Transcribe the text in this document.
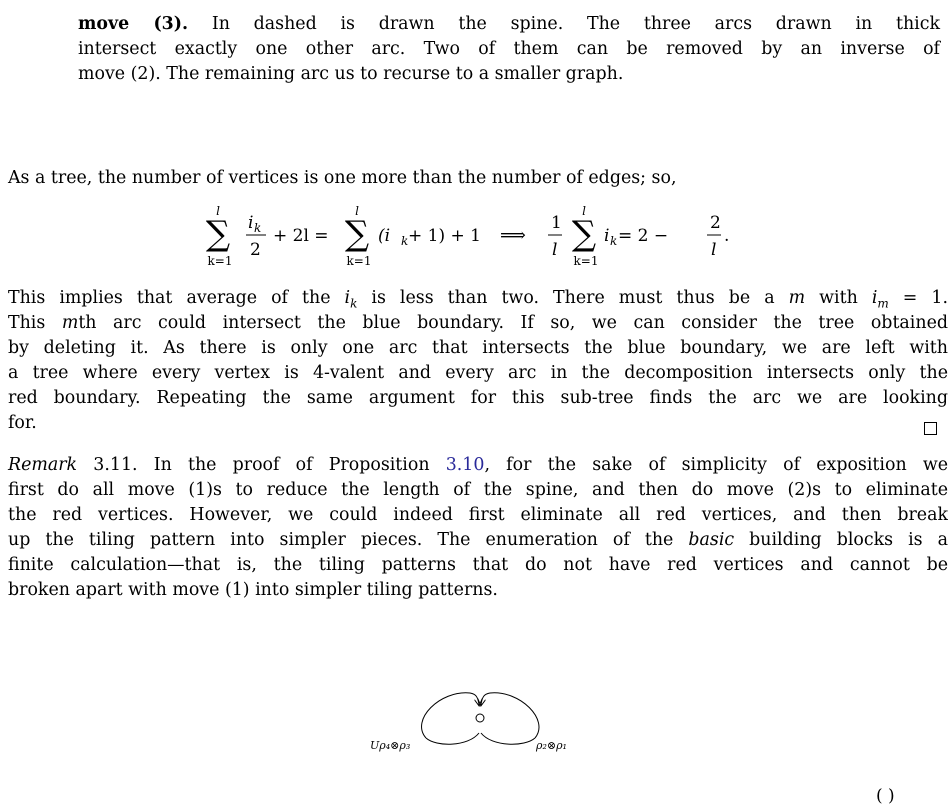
move (3). In dashed is drawn the spine. The three arcs drawn in thick
intersect exactly one other arc. Two of them can be removed by an inverse of
move (2). The remaining arc us to recurse to a smaller graph.
As a tree, the number of vertices is one more than the number of edges; so,
l
∑
k=1
i k
2
+ 2l =
l
∑
k=1
(i k + 1) + 1 ⟹
1
l
l
∑
k=1
i k = 2 −
2
l
.
This implies that average of the $i_k$ is less than two. There must thus be a m with $i_m = 1$.
This mth arc could intersect the blue boundary. If so, we can consider the tree obtained
by deleting it. As there is only one arc that intersects the blue boundary, we are left with
a tree where every vertex is 4-valent and every arc in the decomposition intersects only the
red boundary. Repeating the same argument for this sub-tree finds the arc we are looking
for.
Remark 3.11. In the proof of Proposition 3.10, for the sake of simplicity of exposition we
first do all move (1)s to reduce the length of the spine, and then do move (2)s to eliminate
the red vertices. However, we could indeed first eliminate all red vertices, and then break
up the tiling pattern into simpler pieces. The enumeration of the basic building blocks is a
finite calculation—that is, the tiling patterns that do not have red vertices and cannot be
broken apart with move (1) into simpler tiling patterns.
Uρ₄⊗ρ₃	ρ₂⊗ρ₁
( )
